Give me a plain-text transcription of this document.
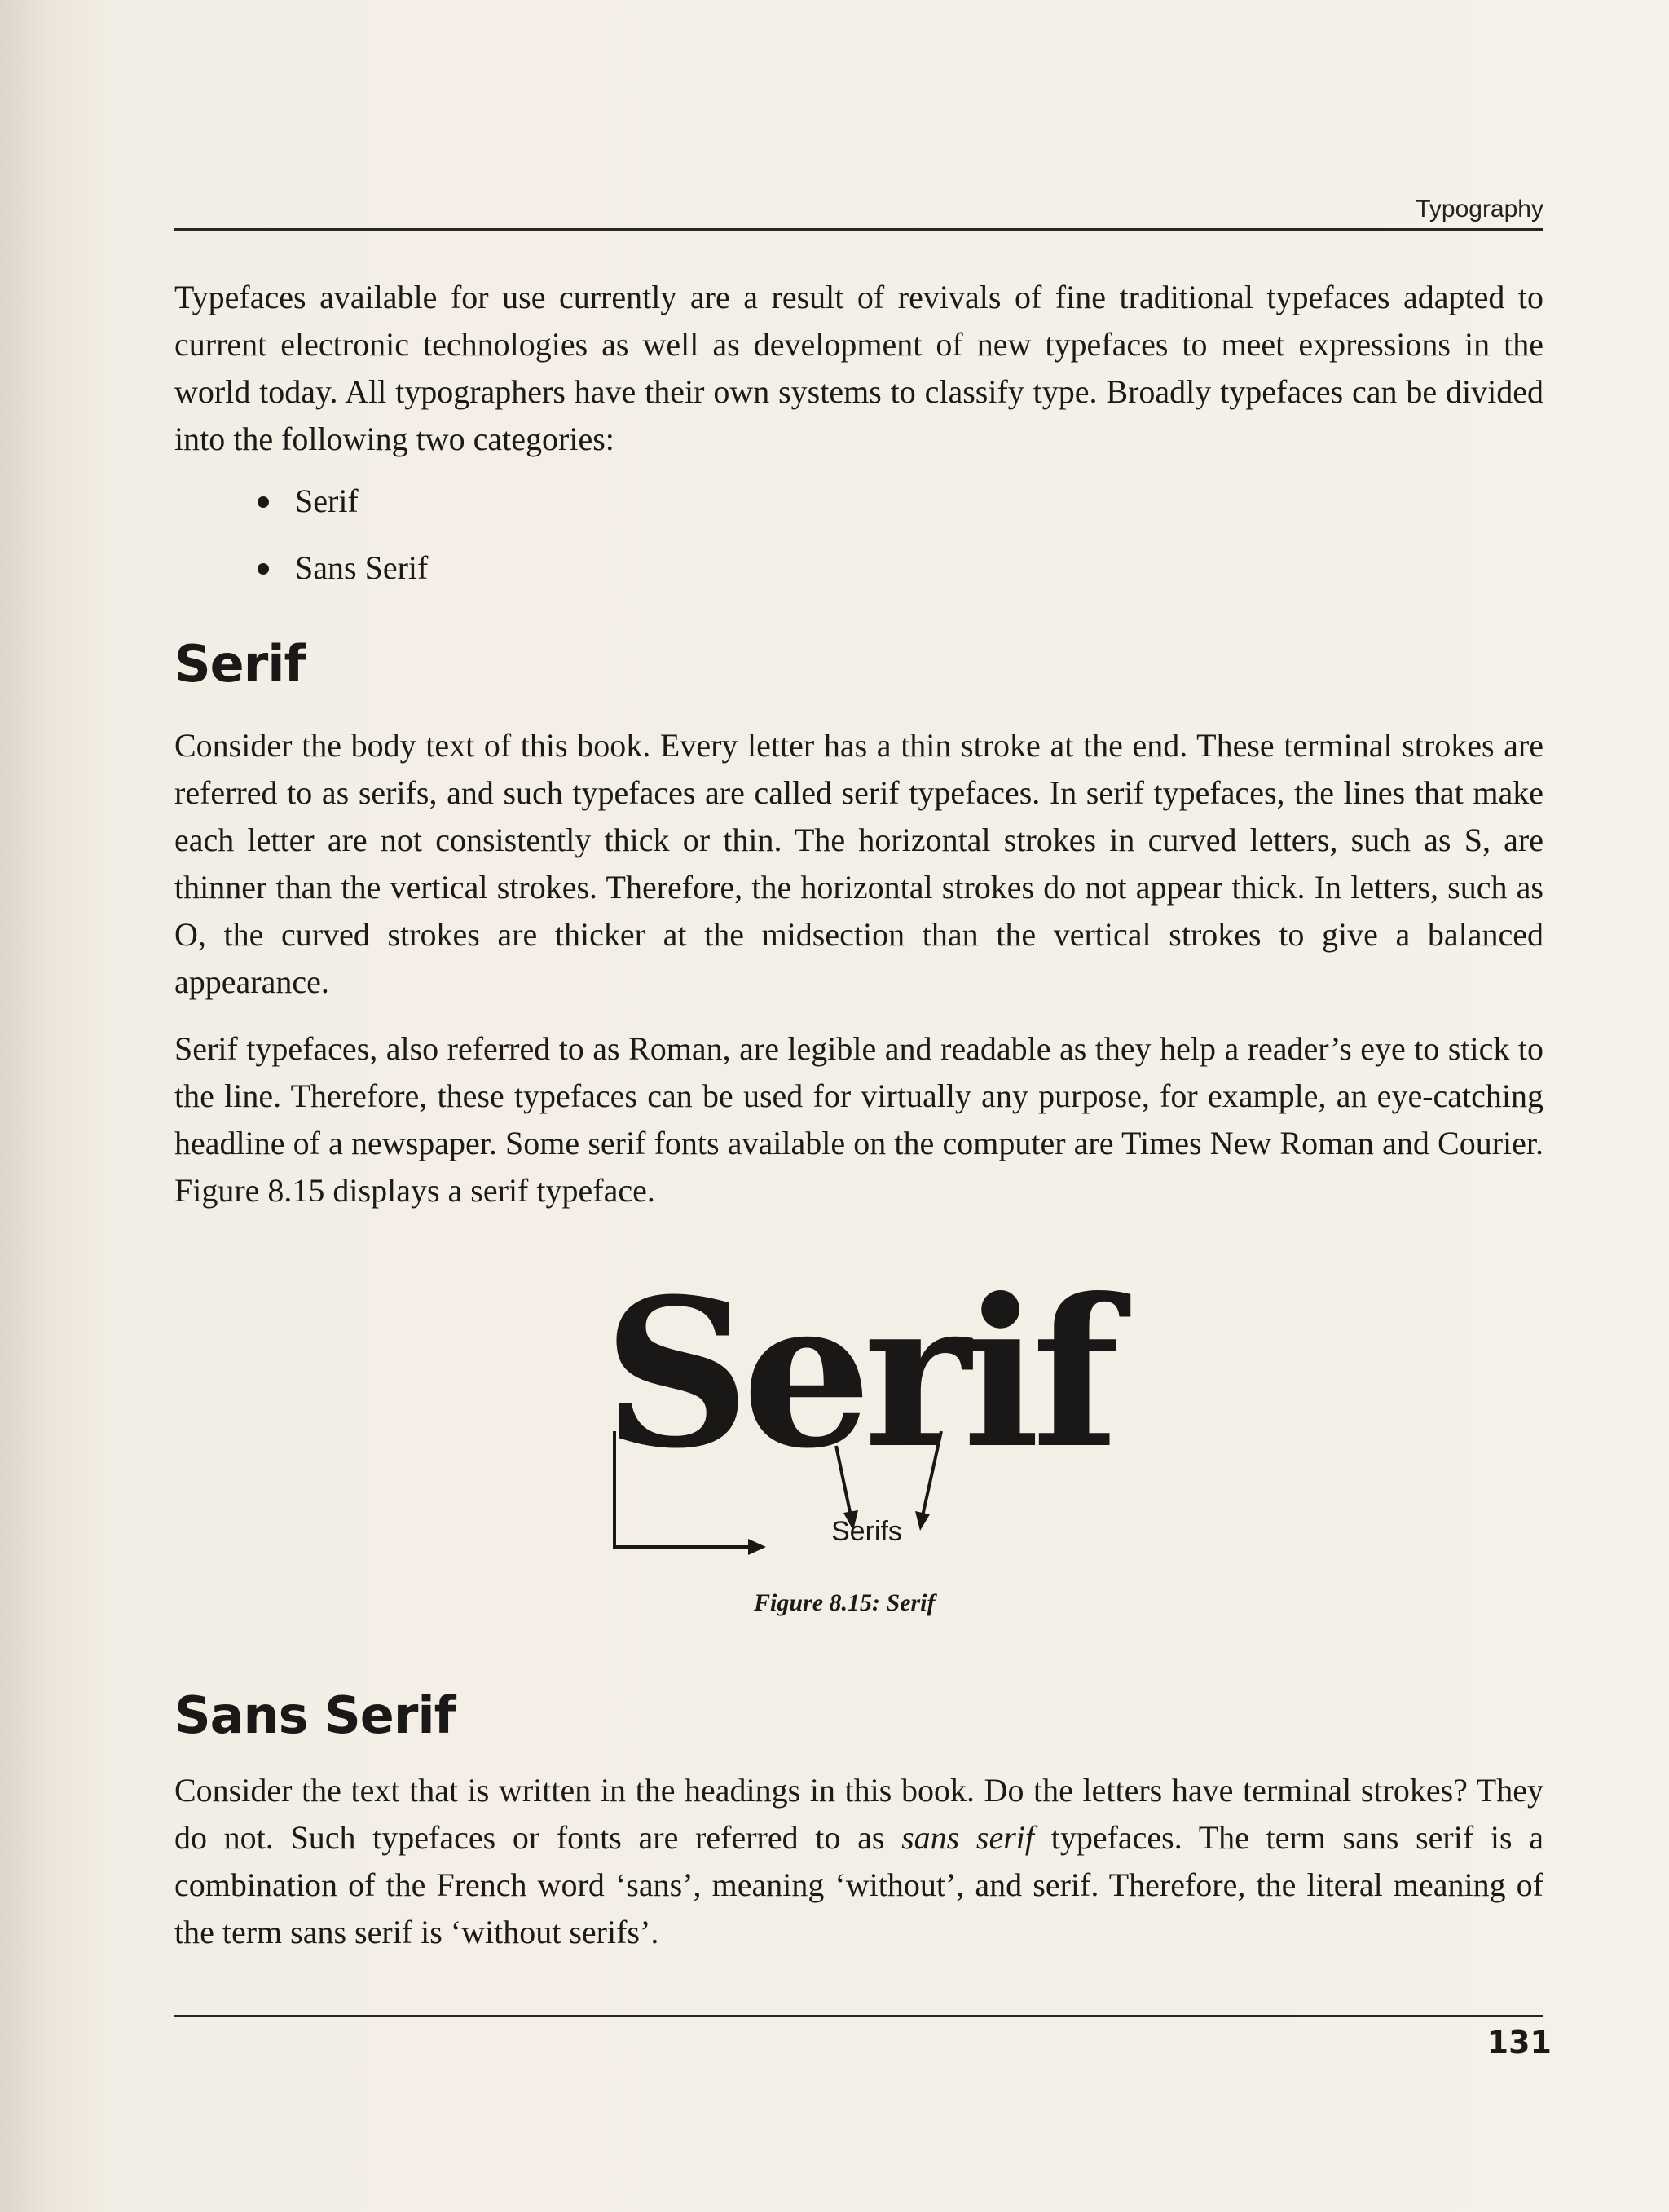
Typography

Typefaces available for use currently are a result of revivals of fine traditional typefaces adapted to current electronic technologies as well as development of new typefaces to meet expressions in the world today. All typographers have their own systems to classify type. Broadly typefaces can be divided into the following two categories:

Serif
Sans Serif
Serif

Consider the body text of this book. Every letter has a thin stroke at the end. These terminal strokes are referred to as serifs, and such typefaces are called serif typefaces. In serif typefaces, the lines that make each letter are not consistently thick or thin. The horizontal strokes in curved letters, such as S, are thinner than the vertical strokes. Therefore, the horizontal strokes do not appear thick. In letters, such as O, the curved strokes are thicker at the midsection than the vertical strokes to give a balanced appearance.

Serif typefaces, also referred to as Roman, are legible and readable as they help a reader’s eye to stick to the line. Therefore, these typefaces can be used for virtually any purpose, for example, an eye-catching headline of a newspaper. Some serif fonts available on the computer are Times New Roman and Courier. Figure 8.15 displays a serif typeface.

Serif
Serifs
Figure 8.15: Serif
Sans Serif

Consider the text that is written in the headings in this book. Do the letters have terminal strokes? They do not. Such typefaces or fonts are referred to as sans serif typefaces. The term sans serif is a combination of the French word ‘sans’, meaning ‘without’, and serif. Therefore, the literal meaning of the term sans serif is ‘without serifs’.

131
